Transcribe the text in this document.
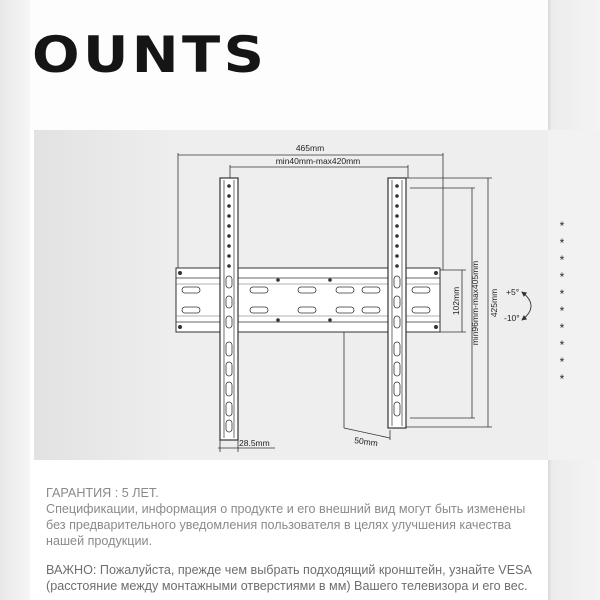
OUNTS
465mm
min40mm-max420mm
28.5mm	50mm
102mm min96mm-max405mm 425mm +5°
-10°
*
*
*
*
*
*
*
*
*
*

ГАРАНТИЯ : 5 ЛЕТ.

Спецификации, информация о продукте и его внешний вид могут быть изменены

без предварительного уведомления пользователя в целях улучшения качества

нашей продукции.

ВАЖНО: Пожалуйста, прежде чем выбрать подходящий кронштейн, узнайте VESA

(расстояние между монтажными отверстиями в мм) Вашего телевизора и его вес.
